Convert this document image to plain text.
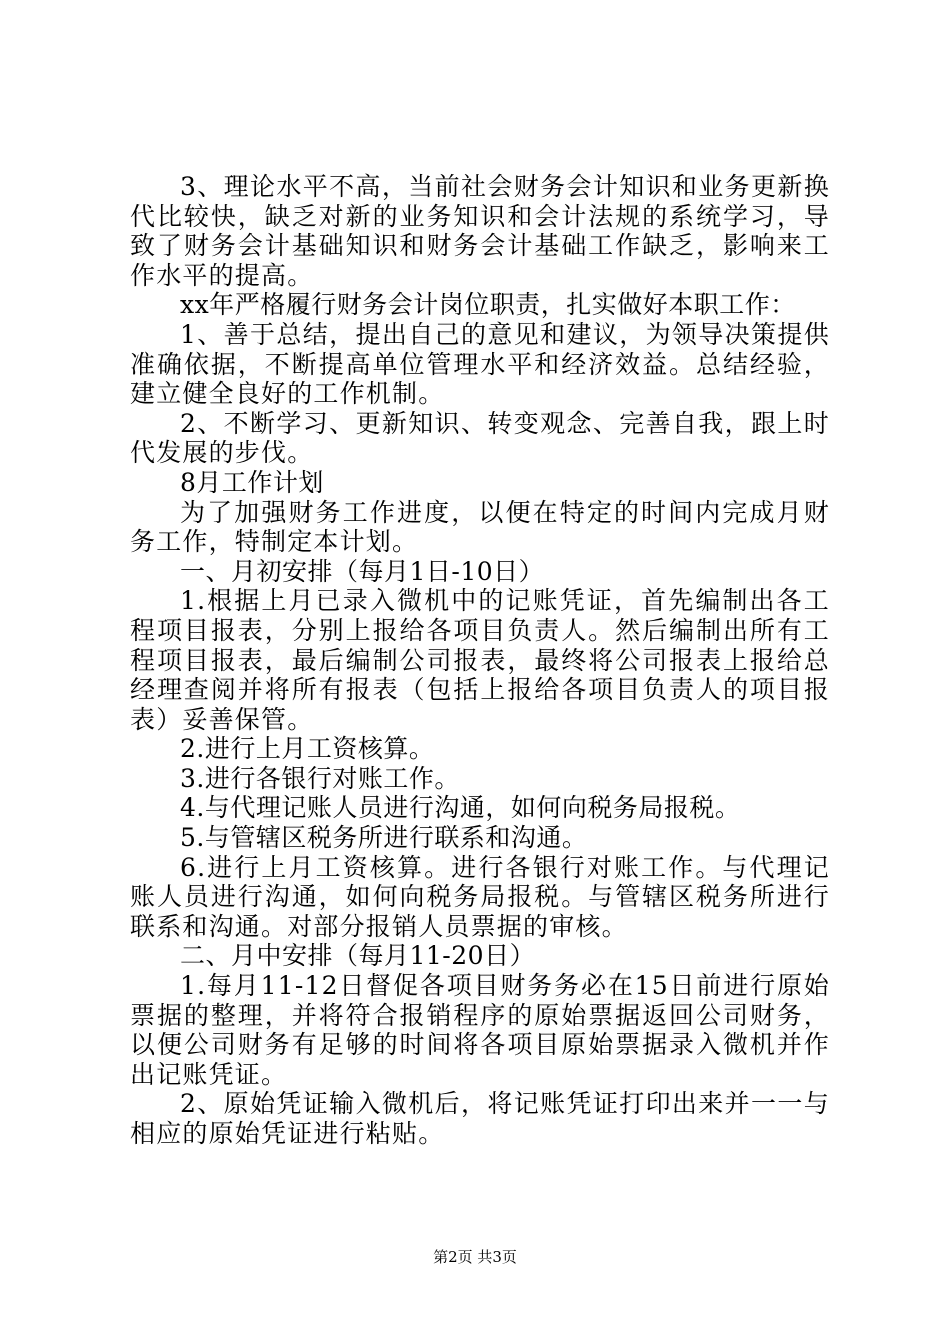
3、理论水平不高，当前社会财务会计知识和业务更新换代比较快，缺乏对新的业务知识和会计法规的系统学习，导致了财务会计基础知识和财务会计基础工作缺乏，影响来工作水平的提高。

xx年严格履行财务会计岗位职责，扎实做好本职工作：

1、善于总结，提出自己的意见和建议，为领导决策提供准确依据，不断提高单位管理水平和经济效益。总结经验，建立健全良好的工作机制。

2、不断学习、更新知识、转变观念、完善自我，跟上时代发展的步伐。

8月工作计划

为了加强财务工作进度，以便在特定的时间内完成月财务工作，特制定本计划。

一、月初安排（每月1日-10日）

1.根据上月已录入微机中的记账凭证，首先编制出各工程项目报表，分别上报给各项目负责人。然后编制出所有工程项目报表，最后编制公司报表，最终将公司报表上报给总经理查阅并将所有报表（包括上报给各项目负责人的项目报表）妥善保管。

2.进行上月工资核算。

3.进行各银行对账工作。

4.与代理记账人员进行沟通，如何向税务局报税。

5.与管辖区税务所进行联系和沟通。

6.进行上月工资核算。进行各银行对账工作。与代理记账人员进行沟通，如何向税务局报税。与管辖区税务所进行联系和沟通。对部分报销人员票据的审核。

二、月中安排（每月11-20日）

1.每月11-12日督促各项目财务务必在15日前进行原始票据的整理，并将符合报销程序的原始票据返回公司财务，以便公司财务有足够的时间将各项目原始票据录入微机并作出记账凭证。

2、原始凭证输入微机后，将记账凭证打印出来并一一与相应的原始凭证进行粘贴。

第2页 共3页
